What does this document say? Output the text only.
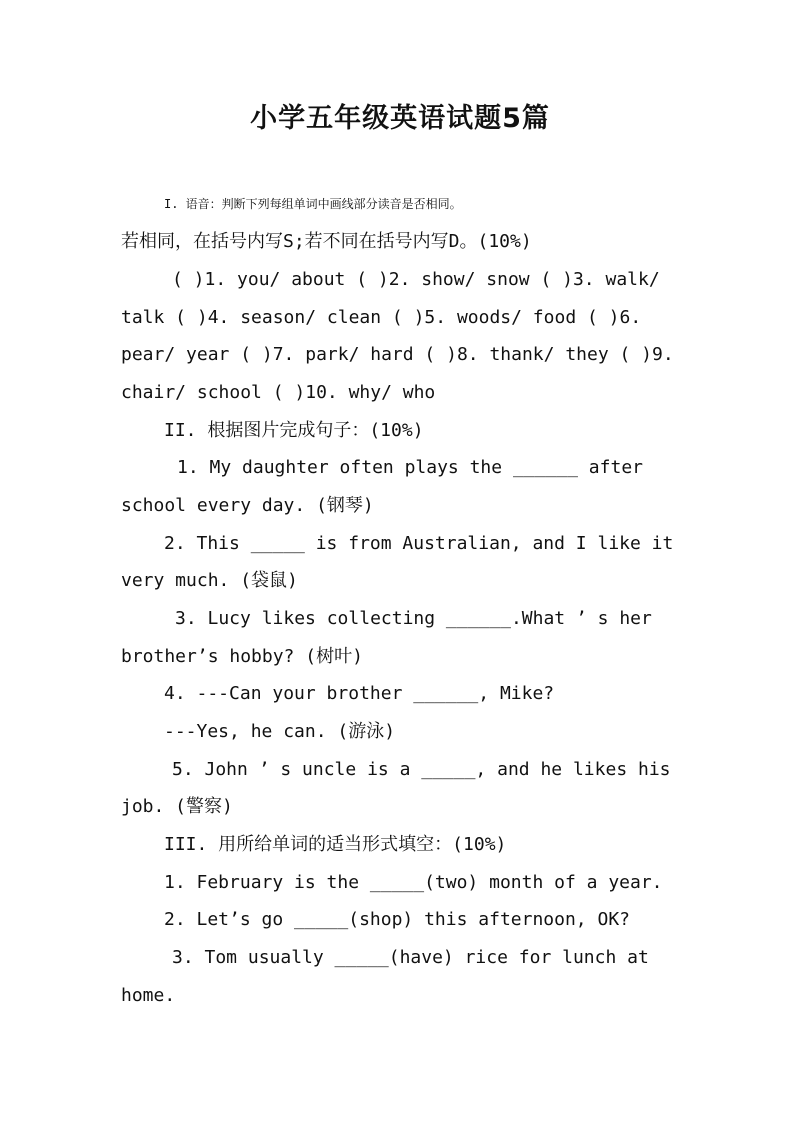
小学五年级英语试题5篇
I. 语音：判断下列每组单词中画线部分读音是否相同。
若相同，在括号内写S;若不同在括号内写D。(10%)
( )1. you/ about ( )2. show/ snow ( )3. walk/
talk ( )4. season/ clean ( )5. woods/ food ( )6.
pear/ year ( )7. park/ hard ( )8. thank/ they ( )9.
chair/ school ( )10. why/ who
II. 根据图片完成句子：(10%)
1. My daughter often plays the ______ after
school every day. (钢琴)
2. This _____ is from Australian, and I like it
very much. (袋鼠)
3. Lucy likes collecting ______.What ’ s her
brother’s hobby? (树叶)
4. ---Can your brother ______, Mike?
---Yes, he can. (游泳)
5. John ’ s uncle is a _____, and he likes his
job. (警察)
III. 用所给单词的适当形式填空：(10%)
1. February is the _____(two) month of a year.
2. Let’s go _____(shop) this afternoon, OK?
3. Tom usually _____(have) rice for lunch at
home.
